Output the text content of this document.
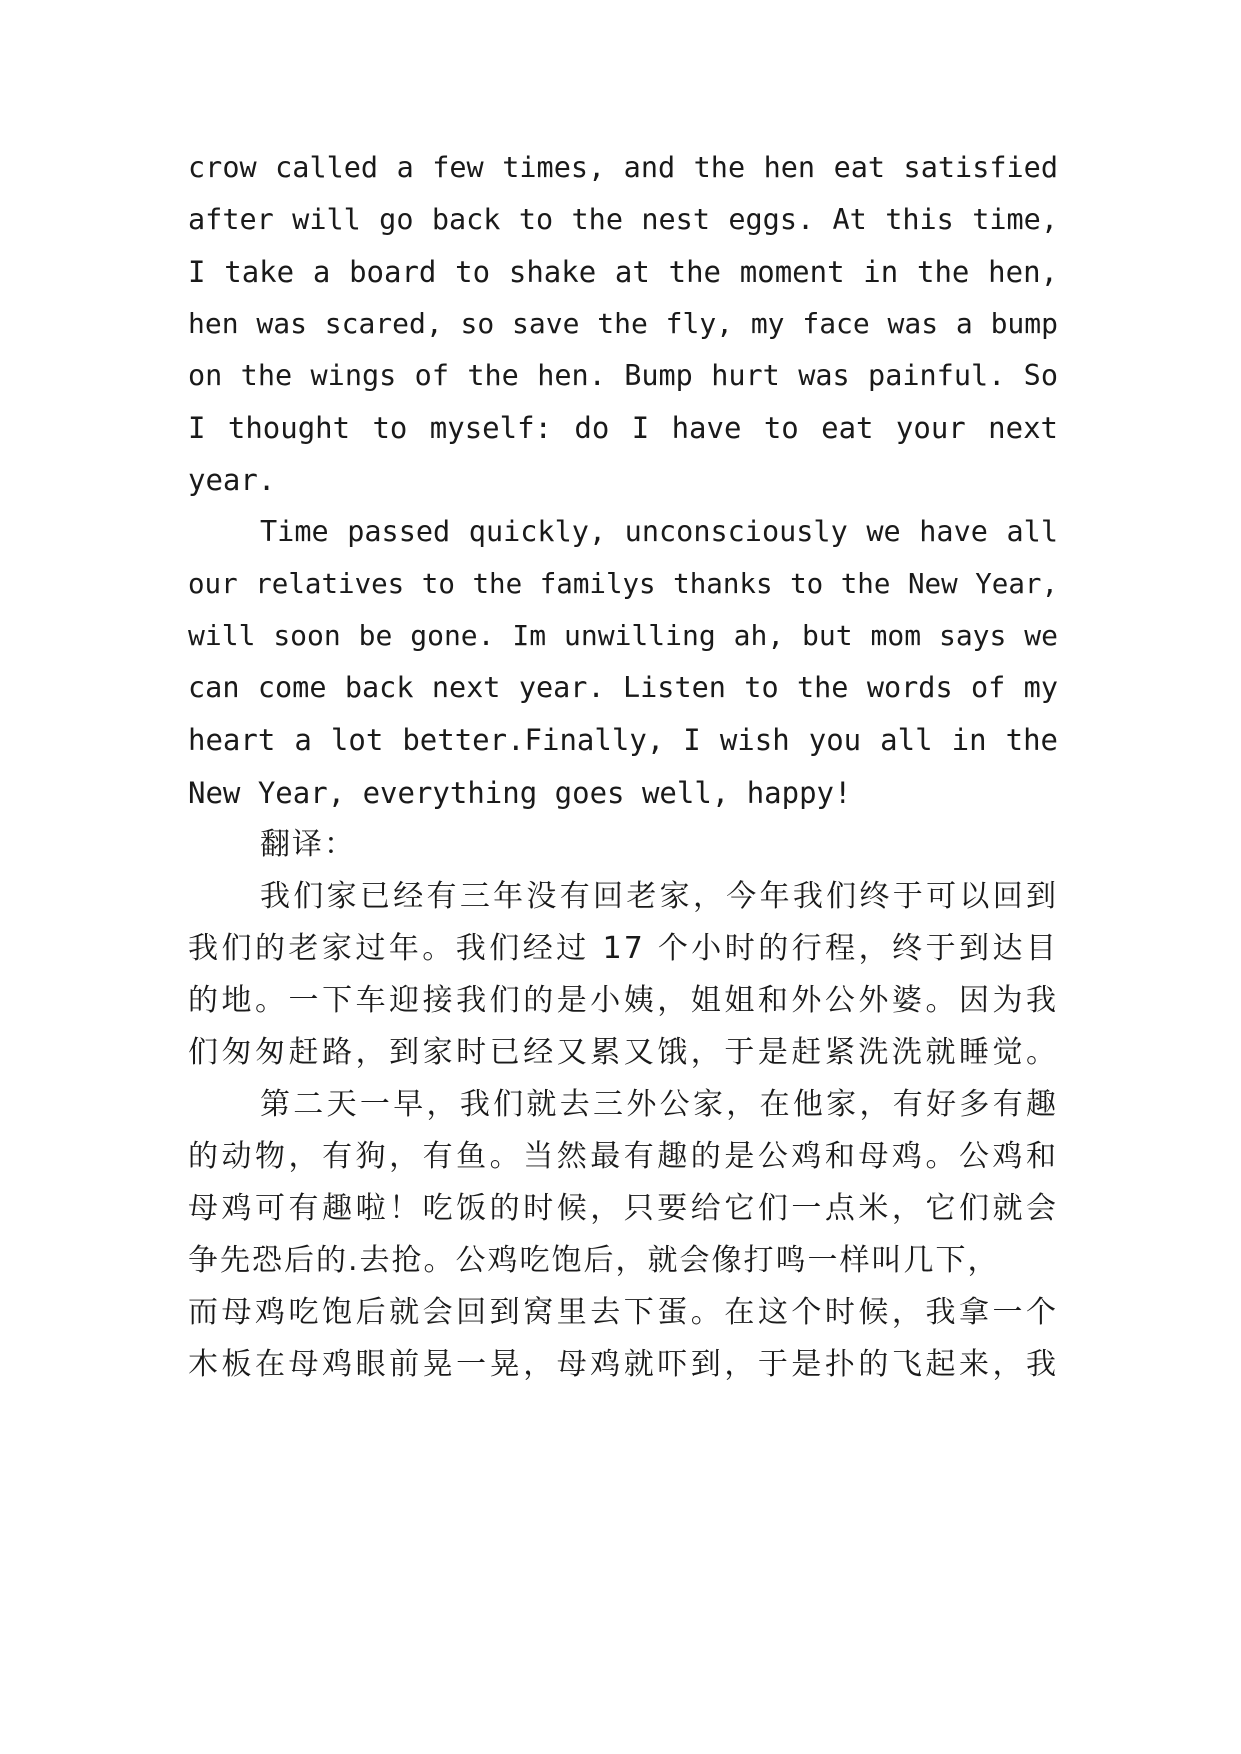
crow called a few times, and the hen eat satisfied
after will go back to the nest eggs. At this time,
I take a board to shake at the moment in the hen,
hen was scared, so save the fly, my face was a bump
on the wings of the hen. Bump hurt was painful. So
I thought to myself: do I have to eat your next
year.
Time passed quickly, unconsciously we have all
our relatives to the familys thanks to the New Year,
will soon be gone. Im unwilling ah, but mom says we
can come back next year. Listen to the words of my
heart a lot better.Finally, I wish you all in the
New Year, everything goes well, happy!
翻译：
我们家已经有三年没有回老家，今年我们终于可以回到
我们的老家过年。我们经过 17 个小时的行程，终于到达目
的地。一下车迎接我们的是小姨，姐姐和外公外婆。因为我
们匆匆赶路，到家时已经又累又饿，于是赶紧洗洗就睡觉。
第二天一早，我们就去三外公家，在他家，有好多有趣
的动物，有狗，有鱼。当然最有趣的是公鸡和母鸡。公鸡和
母鸡可有趣啦！吃饭的时候，只要给它们一点米，它们就会
争先恐后的.去抢。公鸡吃饱后，就会像打鸣一样叫几下，
而母鸡吃饱后就会回到窝里去下蛋。在这个时候，我拿一个
木板在母鸡眼前晃一晃，母鸡就吓到，于是扑的飞起来，我
